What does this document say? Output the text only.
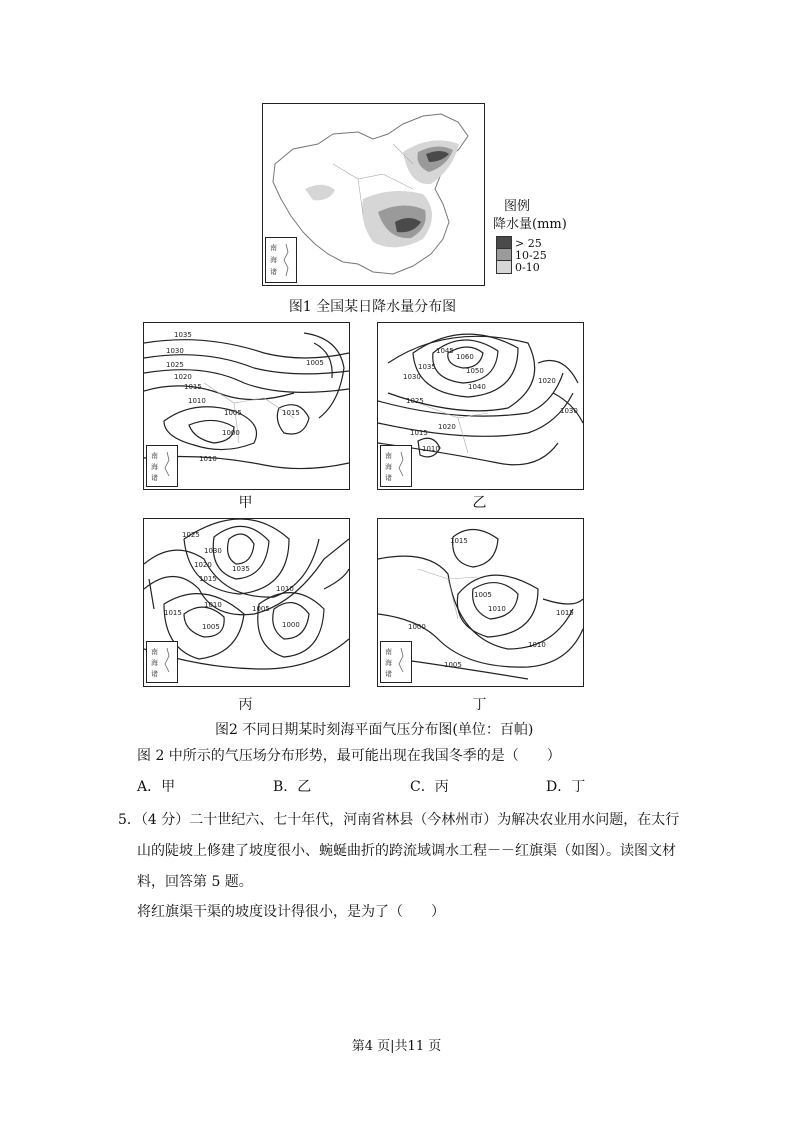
南
海
诸
图例
降水量(mm)
> 25
10-25
0-10
图1 全国某日降水量分布图
1035
1030
1025
1020
1015
1010
1005
1000
1015
1010
1005
南
海
诸
甲
1060
1050
1040
1045
1035
1030
1025
1020
1015
1010
1020
1030
南
海
诸
乙
1025
1030
1035
1020
1015
1010
1005
1010
1005
1000
1015
南
海
诸
丙
1015
1005
1010
1000
1005
1015
1010
南
海
诸
丁
图2 不同日期某时刻海平面气压分布图(单位：百帕)
图 2 中所示的气压场分布形势，最可能出现在我国冬季的是（　　）
A．甲	B．乙	C．丙	D．丁
5．（4 分）二十世纪六、七十年代，河南省林县（今林州市）为解决农业用水问题，在太行
山的陡坡上修建了坡度很小、蜿蜒曲折的跨流域调水工程－－红旗渠（如图）。读图文材
料，回答第 5 题。
将红旗渠干渠的坡度设计得很小，是为了（　　）
第4 页|共11 页
